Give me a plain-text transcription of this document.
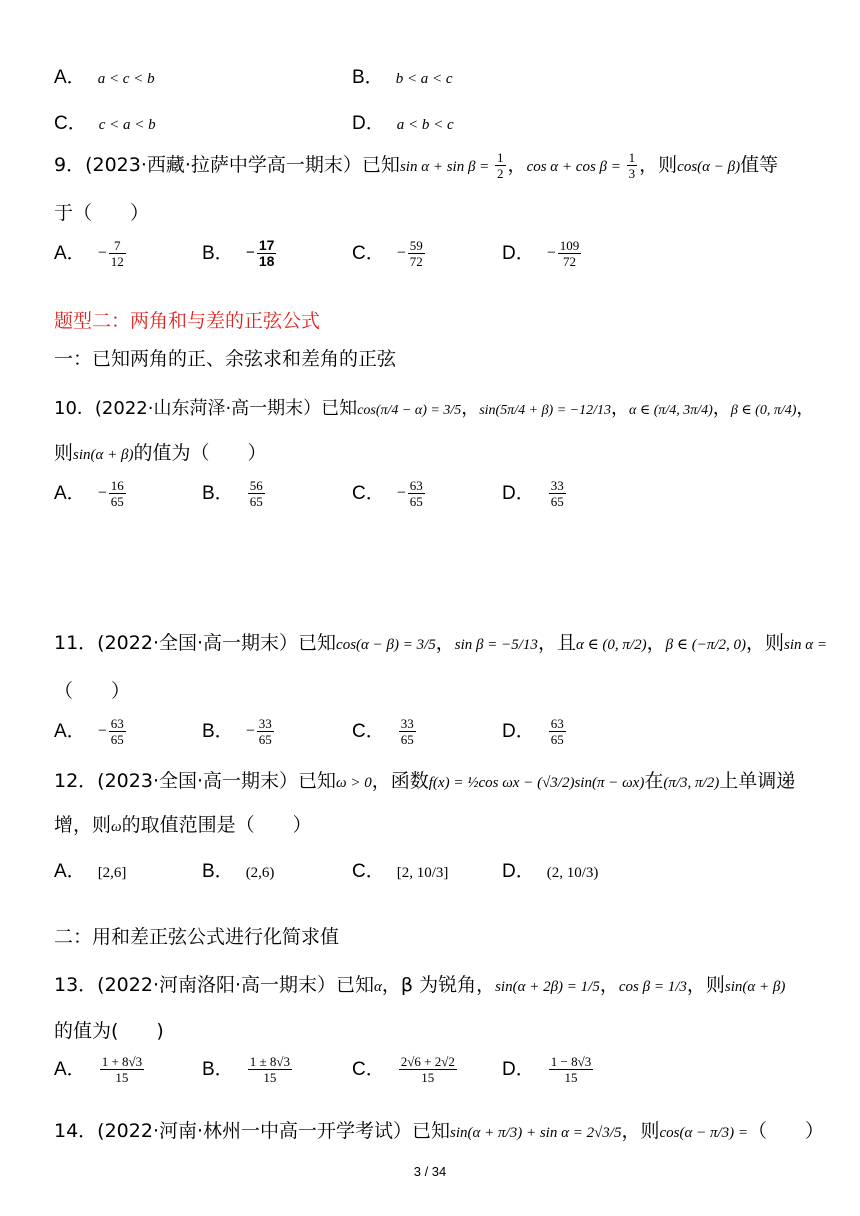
A． a < c < b	B． b < a < c
C． c < a < b	D． a < b < c
9．(2023·西藏·拉萨中学高一期末）已知$\sin \alpha + \sin \beta = \frac{1}{2}$ ，$\cos \alpha + \cos \beta = \frac{1}{3}$ ，则cos(α − β)值等
于（　　）
A． − $\frac{7}{12}$	B． − $\frac{17}{18}$	C． − $\frac{59}{72}$	D． − $\frac{109}{72}$
题型二：两角和与差的正弦公式
一：已知两角的正、余弦求和差角的正弦
10．(2022·山东菏泽·高一期末）已知cos(π/4 − α) = 3/5，sin(5π/4 + β) = −12/13，α ∈ (π/4, 3π/4)，β ∈ (0, π/4)，
则sin(α + β)的值为（　　）
A． − $\frac{16}{65}$	B． $\frac{56}{65}$	C． − $\frac{63}{65}$	D． $\frac{33}{65}$
11．(2022·全国·高一期末）已知cos(α − β) = 3/5，sin β = −5/13，且α ∈ (0, π/2)，β ∈ (−π/2, 0)，则sin α =
（　　）
A． − $\frac{63}{65}$	B． − $\frac{33}{65}$	C． $\frac{33}{65}$	D． $\frac{63}{65}$
12．(2023·全国·高一期末）已知ω > 0，函数f(x) = ½cos ωx − (√3/2)sin(π − ωx)在(π/3, π/2)上单调递
增，则ω的取值范围是（　　）
A． [2,6]	B． (2,6)	C． [2, 10/3]	D． (2, 10/3)
二：用和差正弦公式进行化简求值
13．(2022·河南洛阳·高一期末）已知α，β 为锐角，sin(α + 2β) = 1/5，cos β = 1/3，则sin(α + β)
的值为(　　)
A． $\frac{1 + 8√3}{15}$	B． $\frac{1 \pm 8√3}{15}$	C． $\frac{2√6 + 2√2}{15}$ D． $\frac{1 - 8√3}{15}$
14．(2022·河南·林州一中高一开学考试）已知sin(α + π/3) + sin α = 2√3/5，则cos(α − π/3) =（　　）
3 / 34
